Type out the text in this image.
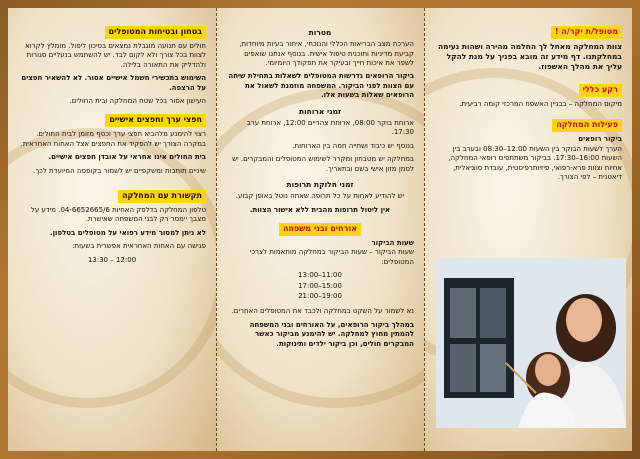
בטחון ובטיחות המטופלים

חולים עם תנועה מוגבלת נמצאים בסיכון ליפול. מומלץ לקרוא לצוות בכל צורך ולא לקום לבד. יש להשתמש בנעליים סגורות ולהדליק את התאורה בלילה.

השימוש בתכשירי חשמל אישיים אסור. לא להשאיר חפצים על הרצפה.

העישון אסור בכל שטח המחלקה ובית החולים.

חפצי ערך וחפצים אישיים

רצוי להימנע מלהביא חפצי ערך וכסף מזומן לבית החולים. במקרה הצורך יש להפקיד את החפצים אצל האחות האחראית.

בית החולים אינו אחראי על אובדן חפצים אישיים.

שיניים תותבות ומשקפיים יש לשמור בקופסה המיועדת לכך.

תקשורת עם המחלקה

טלפון המחלקה בדלפק האחיות 04-6652665/6. מידע על מצבך יימסר רק לבני המשפחה שאישרת.

לא ניתן למסור מידע רפואי על מטופלים בטלפון.

פגישה עם האחות האחראית אפשרית בשעות:

12:00 – 13:30

מטרות

הערכת מצב הבריאות הכללי והנוכחי, איתור בעיות מיוחדות, קביעת מדיניות ותוכנית טיפול אישית. בנוסף אנחנו שואפים לשפר את איכות חייך ובעיקר את תפקודך היומיומי.

ביקור הרופאים נדרשות המטופלים לשאלות בתחילת שיחה עם הצוות לפני הביקור. המשפחה מוזמנת לשאול את הרופאים שאלות בשעות אלו.

זמני ארוחות

ארוחת בוקר 08:00, ארוחת צהריים 12:00, ארוחת ערב 17:30.

בנוסף יש כיבוד ושתייה חמה בין הארוחות.

במחלקה יש מטבחון ומקרר לשימוש המטופלים והמבקרים. יש לסמן מזון אישי בשם ובתאריך.

זמני חלוקת תרופות

יש להודיע לאחות על כל תרופה שאתה נוטל באופן קבוע.

אין ליטול תרופות מהבית ללא אישור הצוות.

אורחים ובני משפחה
שעות הביקור

שעות הביקור – שעות הביקור במחלקה מותאמות לצרכי המטופלים:

11:00–13:00
15:00–17:00
19:00–21:00

נא לשמור על השקט במחלקה ולכבד את המטופלים האחרים.

במהלך ביקור הרופאים, על האורחים ובני המשפחה להמתין מחוץ למחלקה. יש להימנע מביקור כאשר המבקרים חולים, וכן ביקור ילדים ותינוקות.

מטופל/ת יקר/ה !

צוות המחלקה מאחל לך החלמה מהירה ושהות נעימה במחלקתנו. דף מידע זה מובא בפניך על מנת להקל עליך את מהלך האשפוז.

רקע כללי

מיקום המחלקה – בבניין האשפוז המרכזי קומה רביעית.

פעילות המחלקה
ביקור רופאים

הערך לשעות הבוקר בין השעות 12:00–08:30 ובערב בין השעות 16:00–17:30. בביקור משתתפים רופאי המחלקה, אחיות וצוות פרא-רפואי, פיזיותרפיסטית, עובדת סוציאלית, דיאטנית – לפי הצורך.
